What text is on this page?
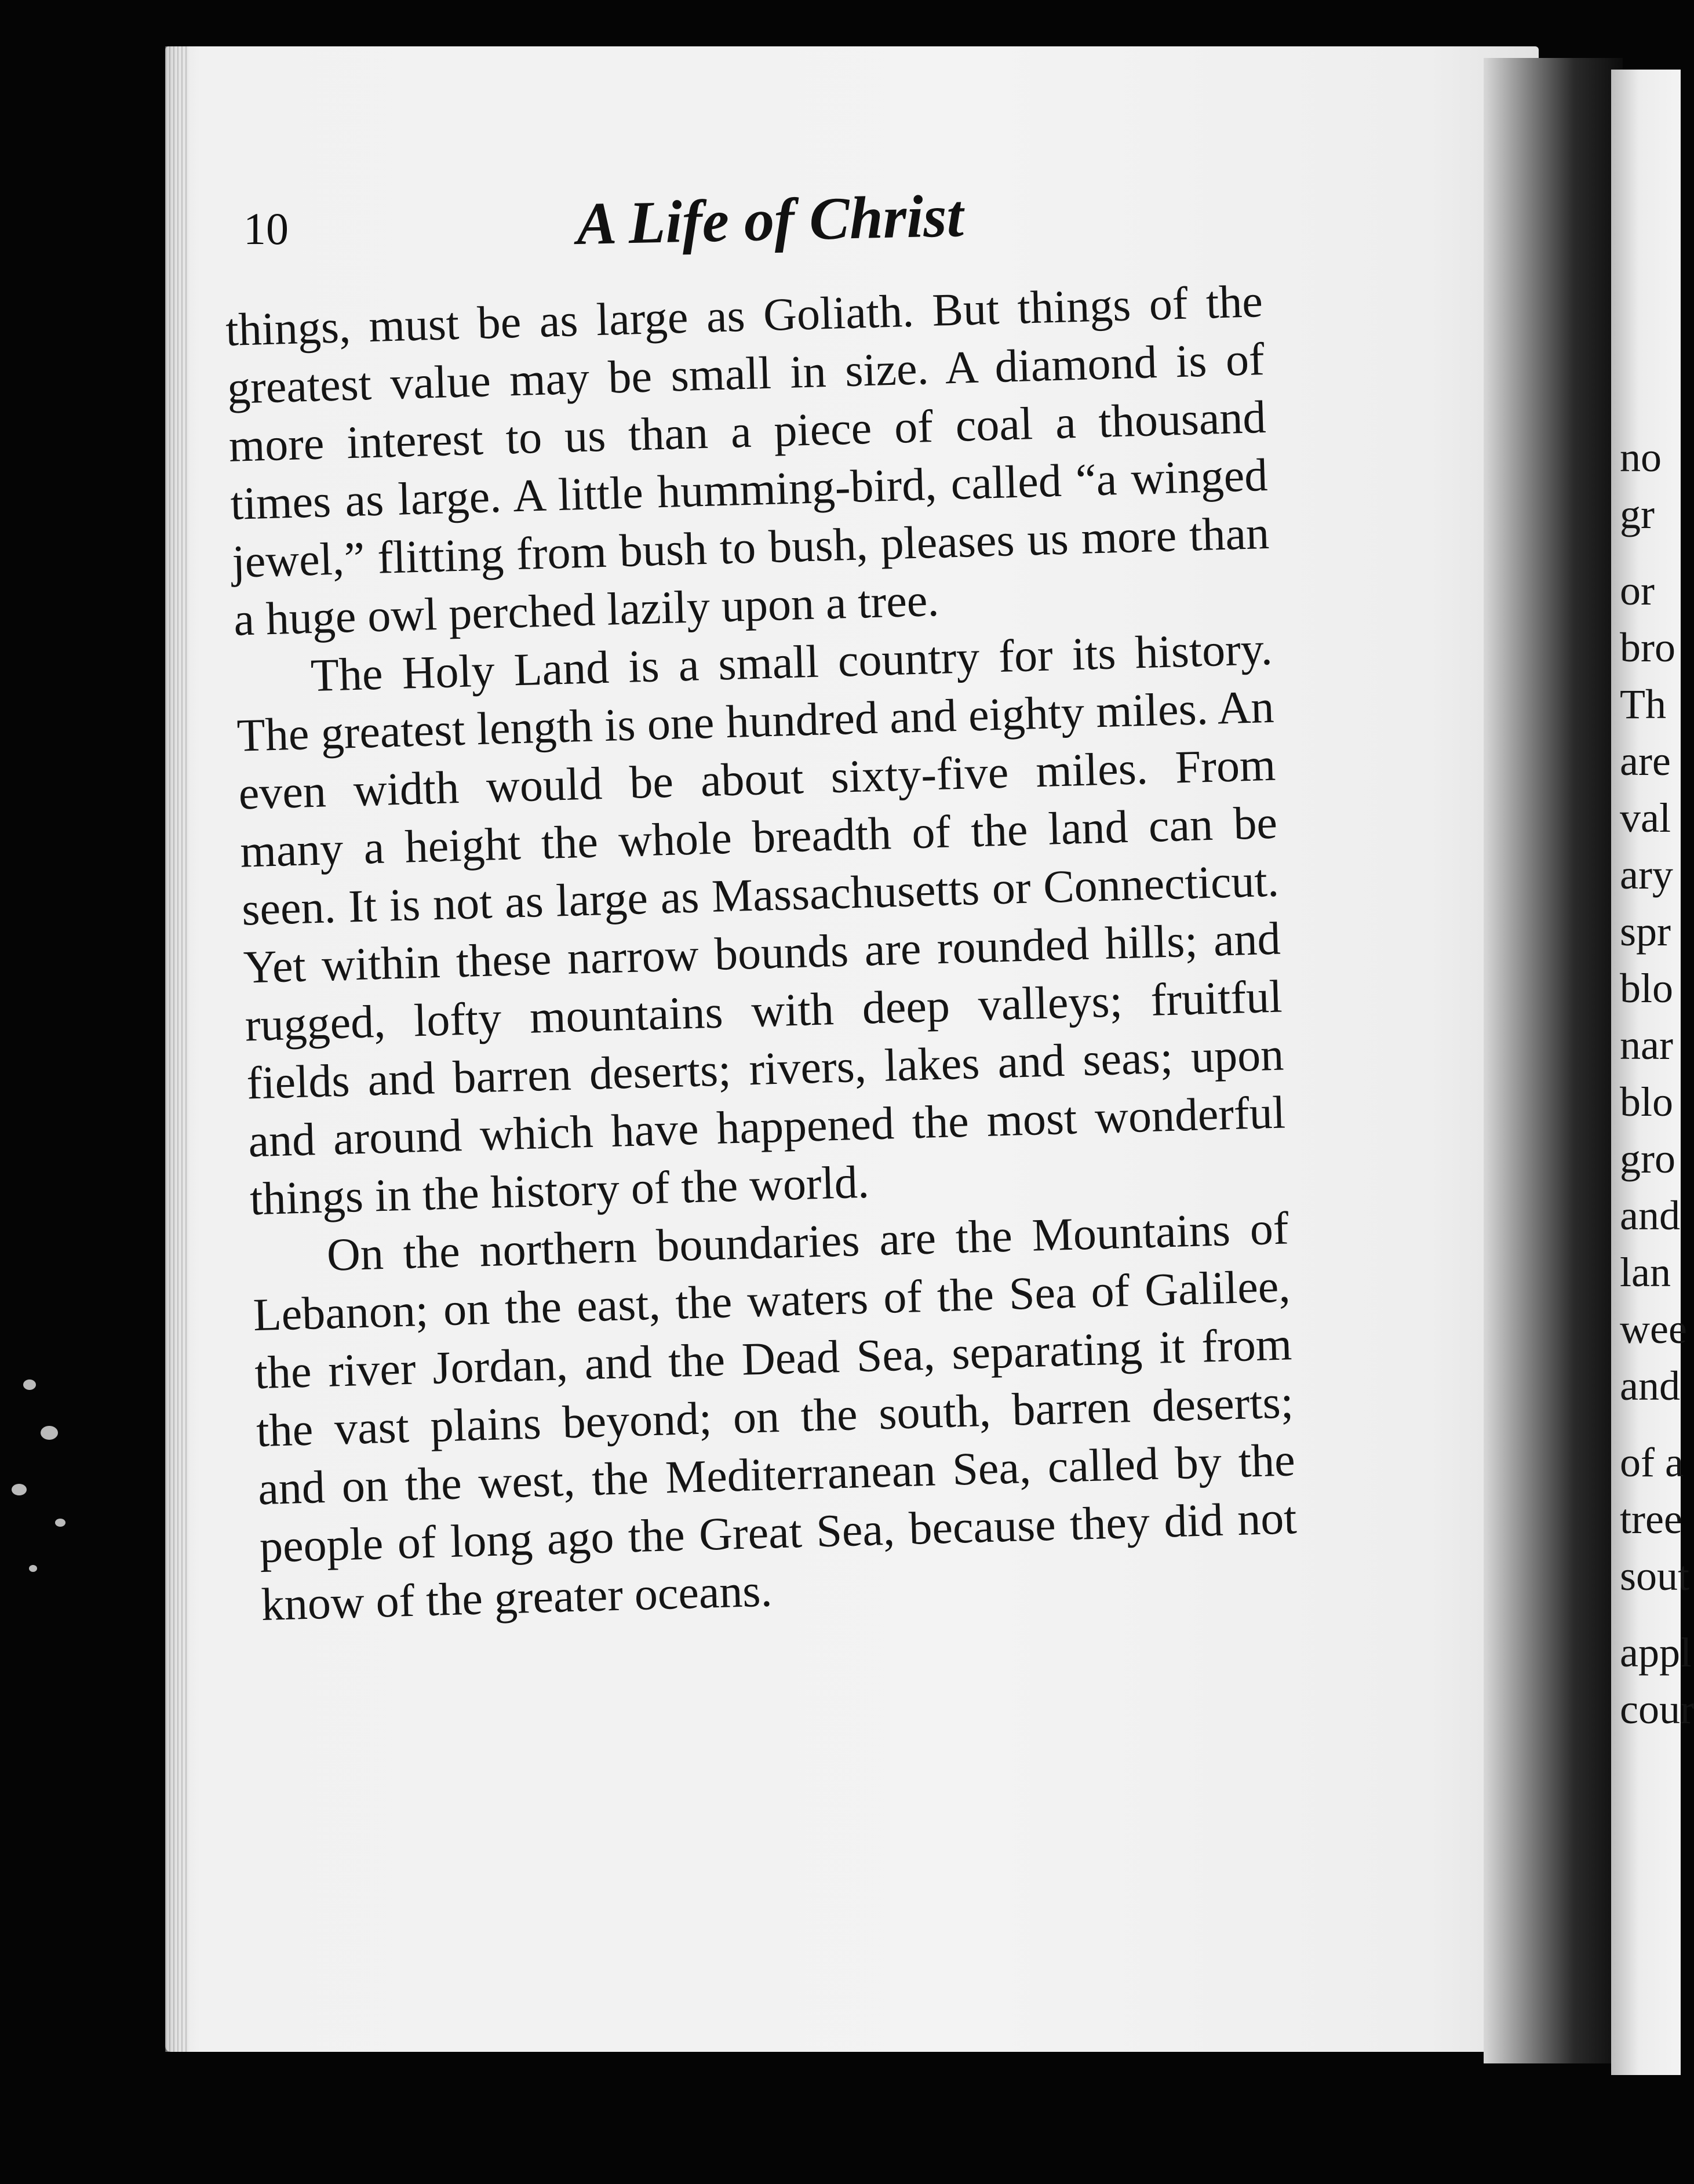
10	A Life of Christ

things, must be as large as Goliath. But things of the greatest value may be small in size. A diamond is of more interest to us than a piece of coal a thousand times as large. A little humming-bird, called “a winged jewel,” flitting from bush to bush, pleases us more than a huge owl perched lazily upon a tree.

The Holy Land is a small country for its history. The greatest length is one hundred and eighty miles. An even width would be about sixty-five miles. From many a height the whole breadth of the land can be seen. It is not as large as Massachusetts or Connecticut. Yet within these narrow bounds are rounded hills; and rugged, lofty mountains with deep valleys; fruitful fields and barren deserts; rivers, lakes and seas; upon and around which have happened the most wonderful things in the history of the world.

On the northern boundaries are the Mountains of Lebanon; on the east, the waters of the Sea of Galilee, the river Jordan, and the Dead Sea, separating it from the vast plains beyond; on the south, barren deserts; and on the west, the Mediterranean Sea, called by the people of long ago the Great Sea, because they did not know of the greater oceans.

no
gr
or
bro
Th
are
val
ary
spr
blo
nar
blo
gro
and
lan
wee
and
of a
tree
sout
appl
cour
